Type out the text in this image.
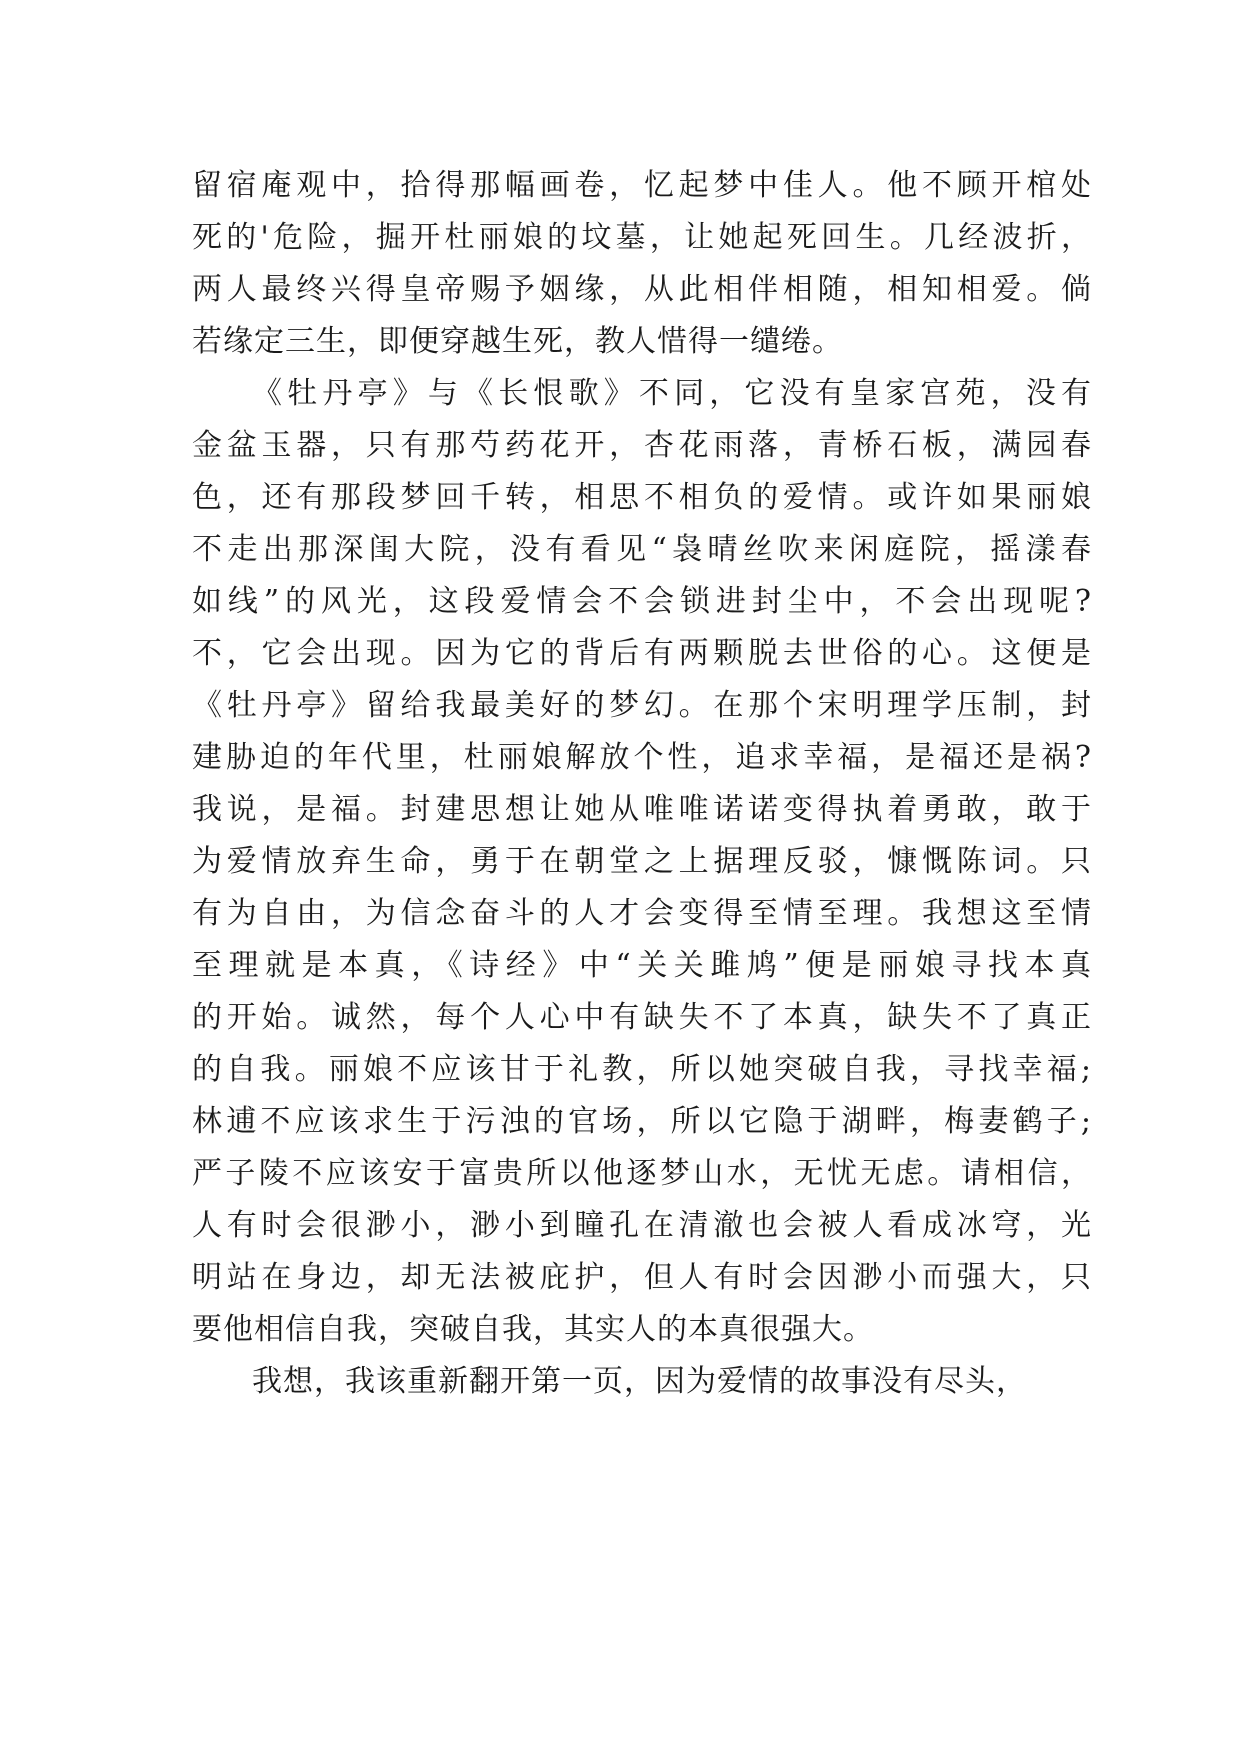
留宿庵观中，拾得那幅画卷，忆起梦中佳人。他不顾开棺处
死的'危险，掘开杜丽娘的坟墓，让她起死回生。几经波折，
两人最终兴得皇帝赐予姻缘，从此相伴相随，相知相爱。倘
若缘定三生，即便穿越生死，教人惜得一缱绻。
《牡丹亭》与《长恨歌》不同，它没有皇家宫苑，没有
金盆玉器，只有那芍药花开，杏花雨落，青桥石板，满园春
色，还有那段梦回千转，相思不相负的爱情。或许如果丽娘
不走出那深闺大院，没有看见“袅晴丝吹来闲庭院，摇漾春
如线”的风光，这段爱情会不会锁进封尘中，不会出现呢?
不，它会出现。因为它的背后有两颗脱去世俗的心。这便是
《牡丹亭》留给我最美好的梦幻。在那个宋明理学压制，封
建胁迫的年代里，杜丽娘解放个性，追求幸福，是福还是祸?
我说，是福。封建思想让她从唯唯诺诺变得执着勇敢，敢于
为爱情放弃生命，勇于在朝堂之上据理反驳，慷慨陈词。只
有为自由，为信念奋斗的人才会变得至情至理。我想这至情
至理就是本真，《诗经》中“关关雎鸠”便是丽娘寻找本真
的开始。诚然，每个人心中有缺失不了本真，缺失不了真正
的自我。丽娘不应该甘于礼教，所以她突破自我，寻找幸福;
林逋不应该求生于污浊的官场，所以它隐于湖畔，梅妻鹤子;
严子陵不应该安于富贵所以他逐梦山水，无忧无虑。请相信，
人有时会很渺小，渺小到瞳孔在清澈也会被人看成冰穹，光
明站在身边，却无法被庇护，但人有时会因渺小而强大，只
要他相信自我，突破自我，其实人的本真很强大。
我想，我该重新翻开第一页，因为爱情的故事没有尽头，
